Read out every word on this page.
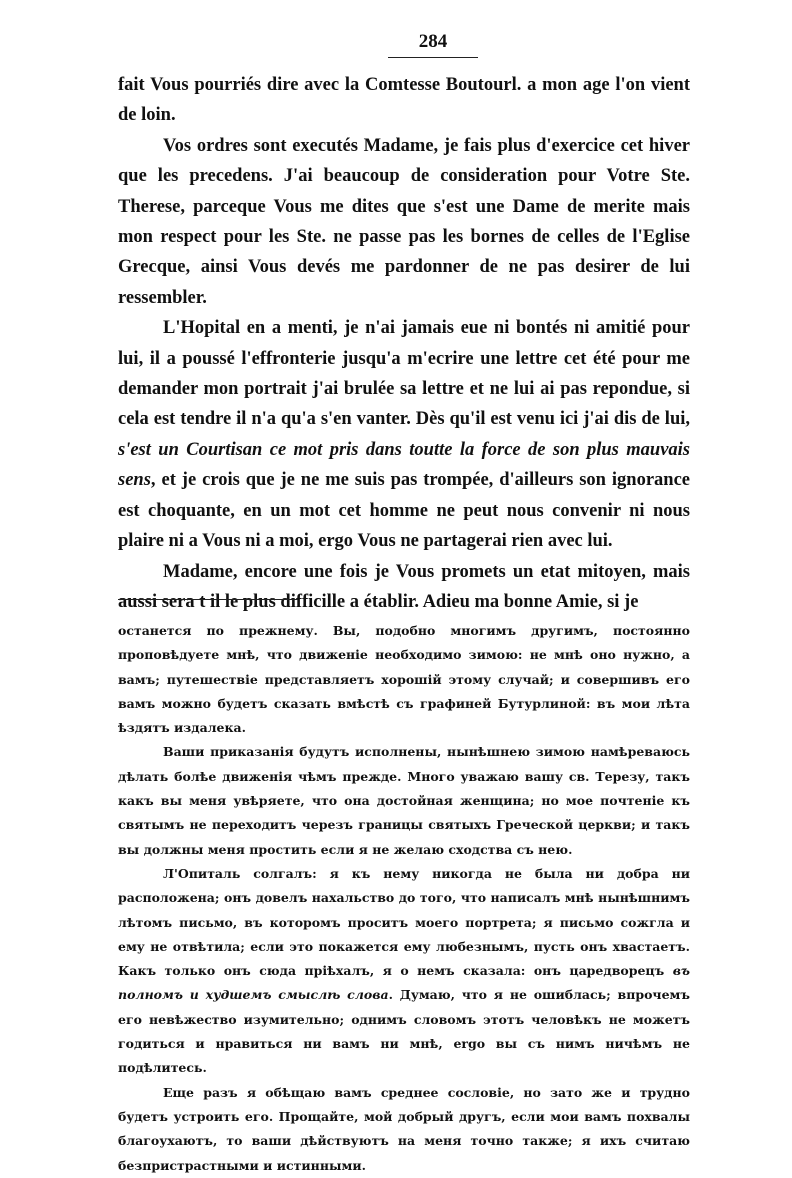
284

fait Vous pourriés dire avec la Comtesse Boutourl. a mon age l'on vient de loin.

Vos ordres sont executés Madame, je fais plus d'exercice cet hiver que les precedens. J'ai beaucoup de consideration pour Votre Ste. Therese, parceque Vous me dites que s'est une Dame de merite mais mon respect pour les Ste. ne passe pas les bornes de celles de l'Eglise Grecque, ainsi Vous devés me pardonner de ne pas desirer de lui ressembler.

L'Hopital en a menti, je n'ai jamais eue ni bontés ni amitié pour lui, il a poussé l'effronterie jusqu'a m'ecrire une lettre cet été pour me demander mon portrait j'ai brulée sa lettre et ne lui ai pas repondue, si cela est tendre il n'a qu'a s'en vanter. Dès qu'il est venu ici j'ai dis de lui, s'est un Courtisan ce mot pris dans toutte la force de son plus mauvais sens, et je crois que je ne me suis pas trompée, d'ailleurs son ignorance est choquante, en un mot cet homme ne peut nous convenir ni nous plaire ni a Vous ni a moi, ergo Vous ne partagerai rien avec lui.

Madame, encore une fois je Vous promets un etat mitoyen, mais aussi sera t il le plus difficille a établir. Adieu ma bonne Amie, si je

останется по прежнему. Вы, подобно многимъ другимъ, постоянно проповѣдуете мнѣ, что движенiе необходимо зимою: не мнѣ оно нужно, а вамъ; путешествiе представляетъ хорошiй этому случай; и совершивъ его вамъ можно будетъ сказать вмѣстѣ съ графиней Бутурлиной: въ мои лѣта ѣздятъ издалека.

Ваши приказанiя будутъ исполнены, нынѣшнею зимою намѣреваюсь дѣлать болѣе движенiя чѣмъ прежде. Много уважаю вашу св. Терезу, такъ какъ вы меня увѣряете, что она достойная женщина; но мое почтенiе къ святымъ не переходитъ черезъ границы святыхъ Греческой церкви; и такъ вы должны меня простить если я не желаю сходства съ нею.

Л'Опиталь солгалъ: я къ нему никогда не была ни добра ни расположена; онъ довелъ нахальство до того, что написалъ мнѣ нынѣшнимъ лѣтомъ письмо, въ которомъ проситъ моего портрета; я письмо сожгла и ему не отвѣтила; если это покажется ему любезнымъ, пусть онъ хвастаетъ. Какъ только онъ сюда прiѣхалъ, я о немъ сказала: онъ царедворецъ въ полномъ и худшемъ смыслѣ слова. Думаю, что я не ошиблась; впрочемъ его невѣжество изумительно; однимъ словомъ этотъ человѣкъ не можетъ годиться и нравиться ни вамъ ни мнѣ, ergo вы съ нимъ ничѣмъ не подѣлитесь.

Еще разъ я обѣщаю вамъ среднее сословiе, но зато же и трудно будетъ устроить его. Прощайте, мой добрый другъ, если мои вамъ похвалы благоухаютъ, то ваши дѣйствуютъ на меня точно также; я ихъ считаю безпристрастными и истинными.
